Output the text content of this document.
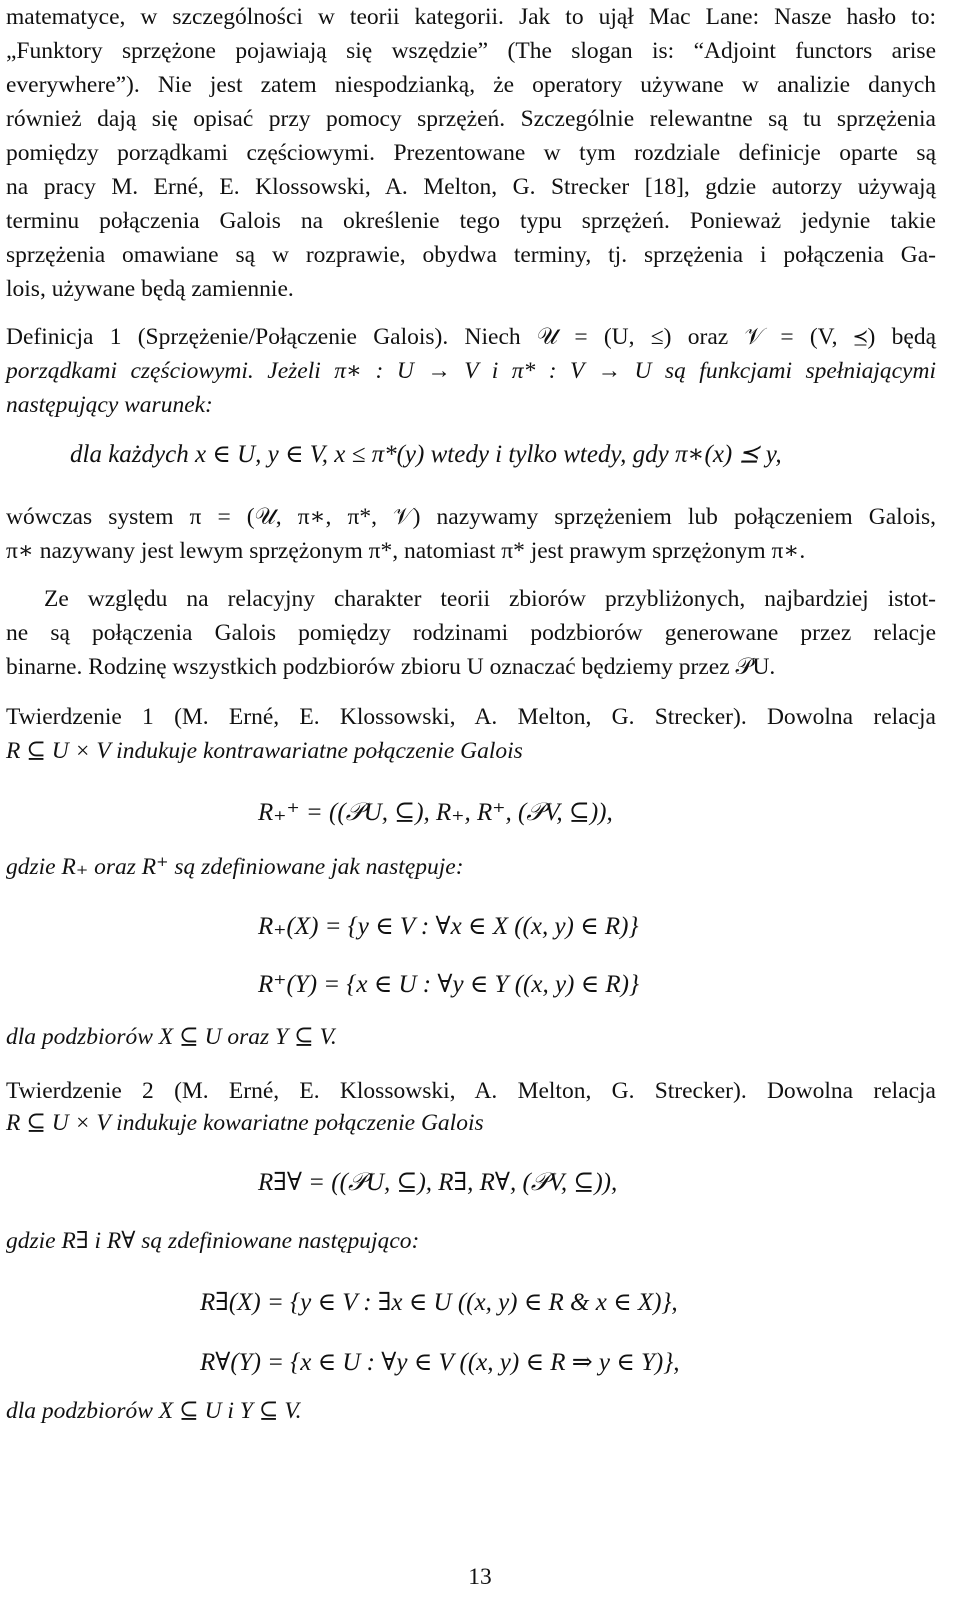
matematyce, w szczególności w teorii kategorii. Jak to ujął Mac Lane: Nasze hasło to:
„Funktory sprzężone pojawiają się wszędzie” (The slogan is: “Adjoint functors arise
everywhere”). Nie jest zatem niespodzianką, że operatory używane w analizie danych
również dają się opisać przy pomocy sprzężeń. Szczególnie relewantne są tu sprzężenia
pomiędzy porządkami częściowymi. Prezentowane w tym rozdziale definicje oparte są
na pracy M. Erné, E. Klossowski, A. Melton, G. Strecker [18], gdzie autorzy używają
terminu połączenia Galois na określenie tego typu sprzężeń. Ponieważ jedynie takie
sprzężenia omawiane są w rozprawie, obydwa terminy, tj. sprzężenia i połączenia Ga-
lois, używane będą zamiennie.
Definicja 1 (Sprzężenie/Połączenie Galois). Niech 𝒰 = (U, ≤) oraz 𝒱 = (V, ⪯) będą
porządkami częściowymi. Jeżeli π∗ : U → V i π* : V → U są funkcjami spełniającymi
następujący warunek:
dla każdych x ∈ U, y ∈ V, x ≤ π*(y) wtedy i tylko wtedy, gdy π∗(x) ⪯ y,
wówczas system π = (𝒰, π∗, π*, 𝒱) nazywamy sprzężeniem lub połączeniem Galois,
π∗ nazywany jest lewym sprzężonym π*, natomiast π* jest prawym sprzężonym π∗.
Ze względu na relacyjny charakter teorii zbiorów przybliżonych, najbardziej istot-
ne są połączenia Galois pomiędzy rodzinami podzbiorów generowane przez relacje
binarne. Rodzinę wszystkich podzbiorów zbioru U oznaczać będziemy przez 𝒫U.
Twierdzenie 1 (M. Erné, E. Klossowski, A. Melton, G. Strecker). Dowolna relacja
R ⊆ U × V indukuje kontrawariatne połączenie Galois
R₊⁺ = ((𝒫U, ⊆), R₊, R⁺, (𝒫V, ⊆)),
gdzie R₊ oraz R⁺ są zdefiniowane jak następuje:
R₊(X) = {y ∈ V : ∀x ∈ X ((x, y) ∈ R)}
R⁺(Y) = {x ∈ U : ∀y ∈ Y ((x, y) ∈ R)}
dla podzbiorów X ⊆ U oraz Y ⊆ V.
Twierdzenie 2 (M. Erné, E. Klossowski, A. Melton, G. Strecker). Dowolna relacja
R ⊆ U × V indukuje kowariatne połączenie Galois
R∃∀ = ((𝒫U, ⊆), R∃, R∀, (𝒫V, ⊆)),
gdzie R∃ i R∀ są zdefiniowane następująco:
R∃(X) = {y ∈ V : ∃x ∈ U ((x, y) ∈ R & x ∈ X)},
R∀(Y) = {x ∈ U : ∀y ∈ V ((x, y) ∈ R ⇒ y ∈ Y)},
dla podzbiorów X ⊆ U i Y ⊆ V.
13
